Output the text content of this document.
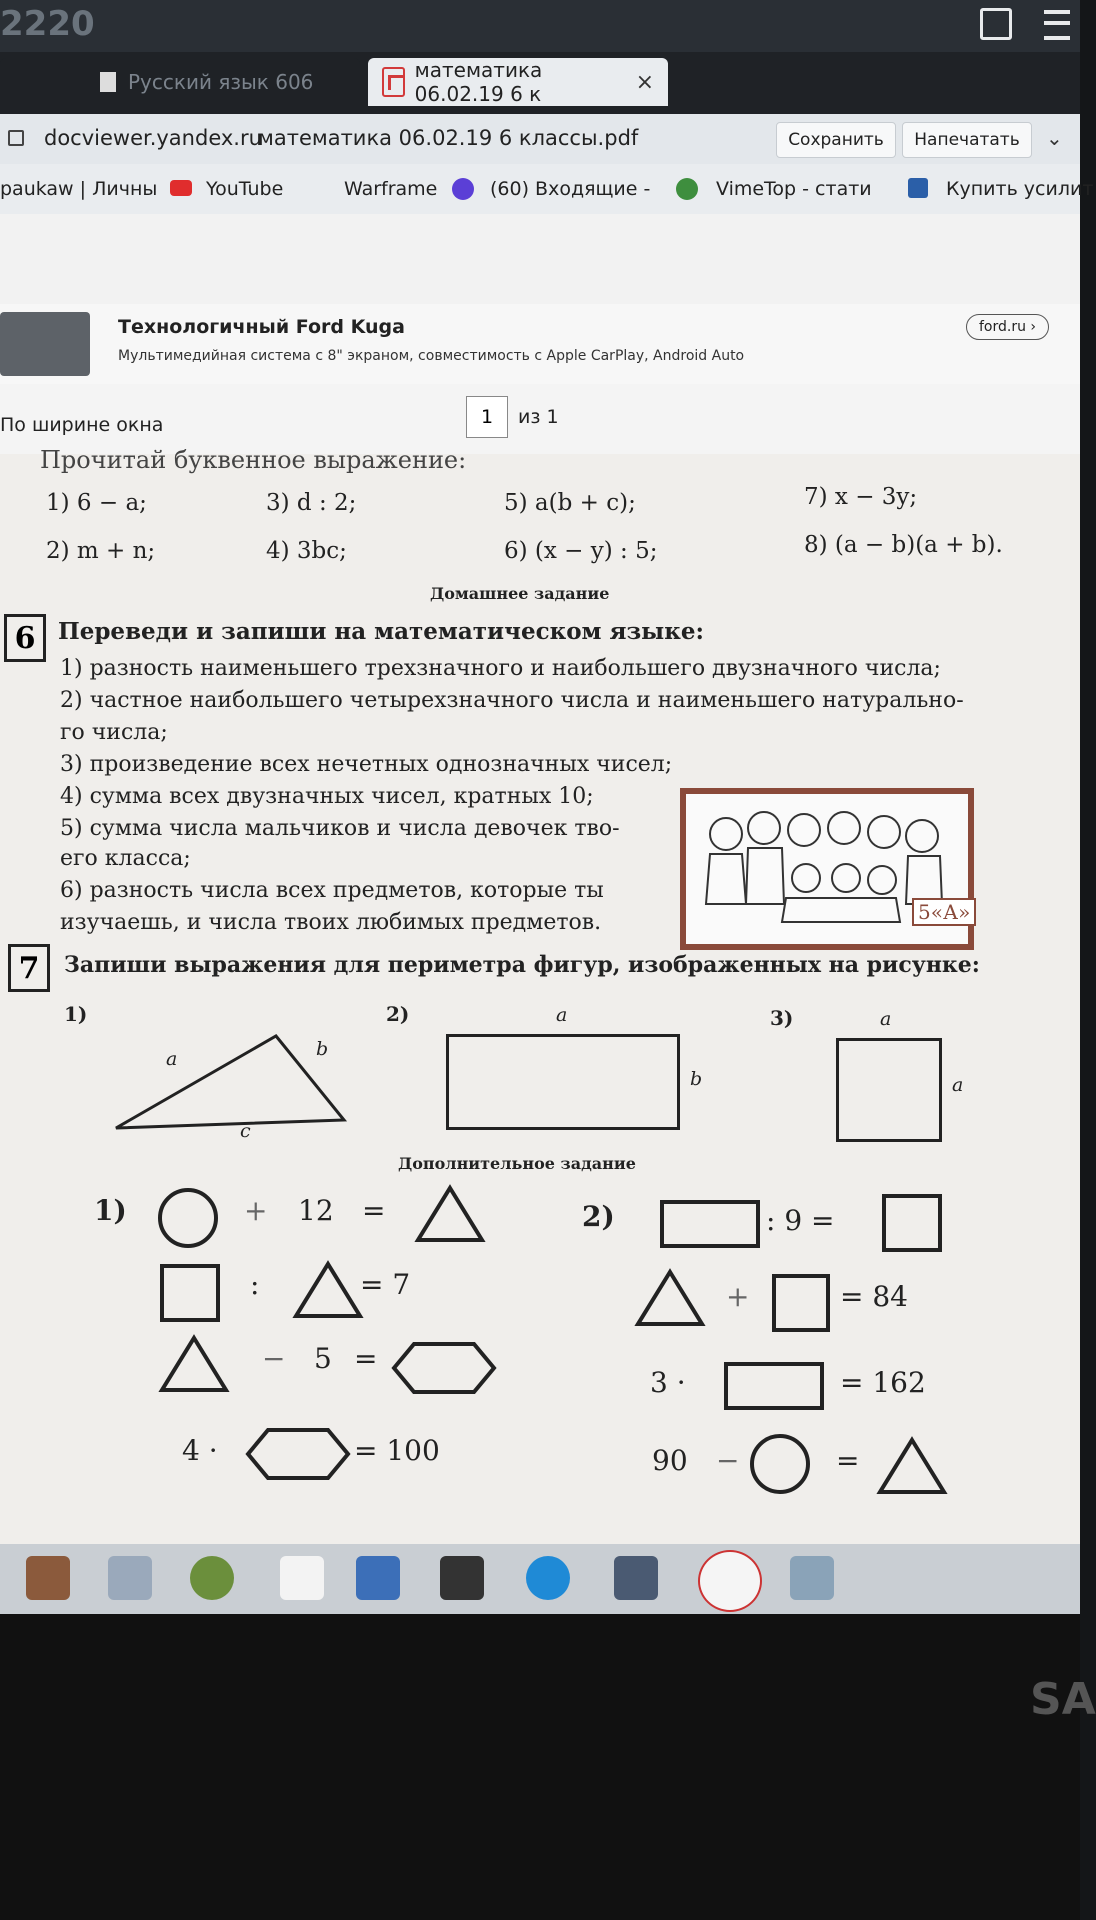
2220
Русский язык 606	математика 06.02.19 6 к	×
docviewer.yandex.ru
математика 06.02.19 6 классы.pdf	Сохранить	Напечатать	⌄
paukaw | Личны	YouTube	Warframe	(60) Входящие -	VimeTop - стати	Купить усилит
Технологичный Ford Kuga
Мультимедийная система с 8" экраном, совместимость с Apple CarPlay, Android Auto
ford.ru ›
По ширине окна	1	из 1
Прочитай буквенное выражение:
1) 6 − a;	3) d : 2;	5) a(b + c);	7) x − 3y;
2) m + n;	4) 3bc;	6) (x − y) : 5;	8) (a − b)(a + b).
Домашнее задание
6 Переведи и запиши на математическом языке:
1) разность наименьшего трехзначного и наибольшего двузначного числа;
2) частное наибольшего четырехзначного числа и наименьшего натурально-
го числа;
3) произведение всех нечетных однозначных чисел;
4) сумма всех двузначных чисел, кратных 10;
5) сумма числа мальчиков и числа девочек тво-
его класса;
6) разность числа всех предметов, которые ты
изучаешь, и числа твоих любимых предметов.	5«А»
7	Запиши выражения для периметра фигур, изображенных на рисунке:
1)	2)	3)
a	b
c
a
b
a
a
Дополнительное задание
1)	+ 12 =
:	= 7
− 5 =
4 ·	= 100
2)	: 9 =
+	= 84
3 ·	= 162
90 −	=
SA
